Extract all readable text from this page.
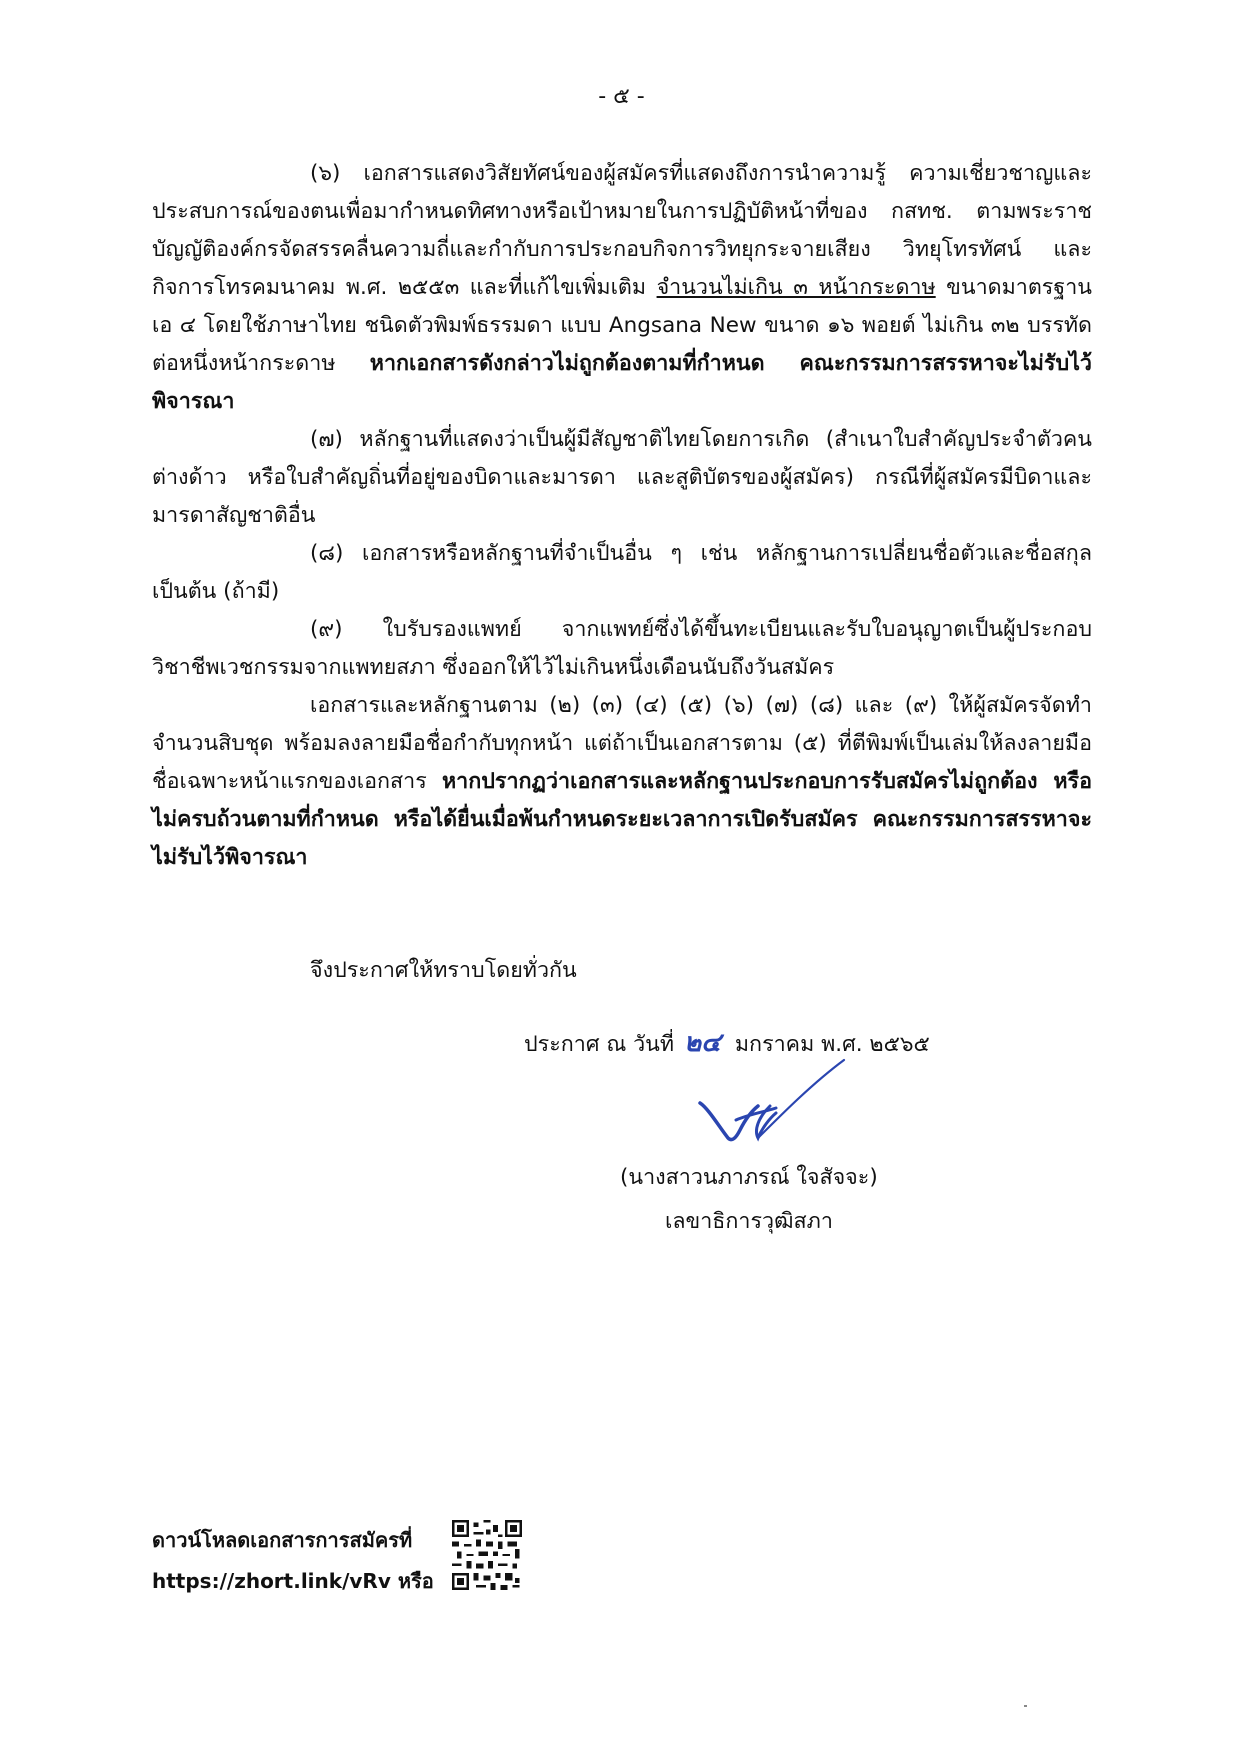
- ๕ -

(๖) เอกสารแสดงวิสัยทัศน์ของผู้สมัครที่แสดงถึงการนำความรู้ ความเชี่ยวชาญและประสบการณ์ของตนเพื่อมากำหนดทิศทางหรือเป้าหมายในการปฏิบัติหน้าที่ของ กสทช. ตามพระราชบัญญัติองค์กรจัดสรรคลื่นความถี่และกำกับการประกอบกิจการวิทยุกระจายเสียง วิทยุโทรทัศน์ และกิจการโทรคมนาคม พ.ศ. ๒๕๕๓ และที่แก้ไขเพิ่มเติม จำนวนไม่เกิน ๓ หน้ากระดาษ ขนาดมาตรฐาน เอ ๔ โดยใช้ภาษาไทย ชนิดตัวพิมพ์ธรรมดา แบบ Angsana New ขนาด ๑๖ พอยต์ ไม่เกิน ๓๒ บรรทัด ต่อหนึ่งหน้ากระดาษ หากเอกสารดังกล่าวไม่ถูกต้องตามที่กำหนด คณะกรรมการสรรหาจะไม่รับไว้พิจารณา

(๗) หลักฐานที่แสดงว่าเป็นผู้มีสัญชาติไทยโดยการเกิด (สำเนาใบสำคัญประจำตัวคนต่างด้าว หรือใบสำคัญถิ่นที่อยู่ของบิดาและมารดา และสูติบัตรของผู้สมัคร) กรณีที่ผู้สมัครมีบิดาและมารดาสัญชาติอื่น

(๘) เอกสารหรือหลักฐานที่จำเป็นอื่น ๆ เช่น หลักฐานการเปลี่ยนชื่อตัวและชื่อสกุล เป็นต้น (ถ้ามี)

(๙) ใบรับรองแพทย์ จากแพทย์ซึ่งได้ขึ้นทะเบียนและรับใบอนุญาตเป็นผู้ประกอบวิชาชีพเวชกรรมจากแพทยสภา ซึ่งออกให้ไว้ไม่เกินหนึ่งเดือนนับถึงวันสมัคร

เอกสารและหลักฐานตาม (๒) (๓) (๔) (๕) (๖) (๗) (๘) และ (๙) ให้ผู้สมัครจัดทำจำนวนสิบชุด พร้อมลงลายมือชื่อกำกับทุกหน้า แต่ถ้าเป็นเอกสารตาม (๕) ที่ตีพิมพ์เป็นเล่มให้ลงลายมือชื่อเฉพาะหน้าแรกของเอกสาร หากปรากฏว่าเอกสารและหลักฐานประกอบการรับสมัครไม่ถูกต้อง หรือไม่ครบถ้วนตามที่กำหนด หรือได้ยื่นเมื่อพ้นกำหนดระยะเวลาการเปิดรับสมัคร คณะกรรมการสรรหาจะไม่รับไว้พิจารณา

จึงประกาศให้ทราบโดยทั่วกัน
ประกาศ ณ วันที่ ๒๔ มกราคม พ.ศ. ๒๕๖๕
(นางสาวนภาภรณ์ ใจสัจจะ)
เลขาธิการวุฒิสภา
ดาวน์โหลดเอกสารการสมัครที่
https://zhort.link/vRv หรือ
